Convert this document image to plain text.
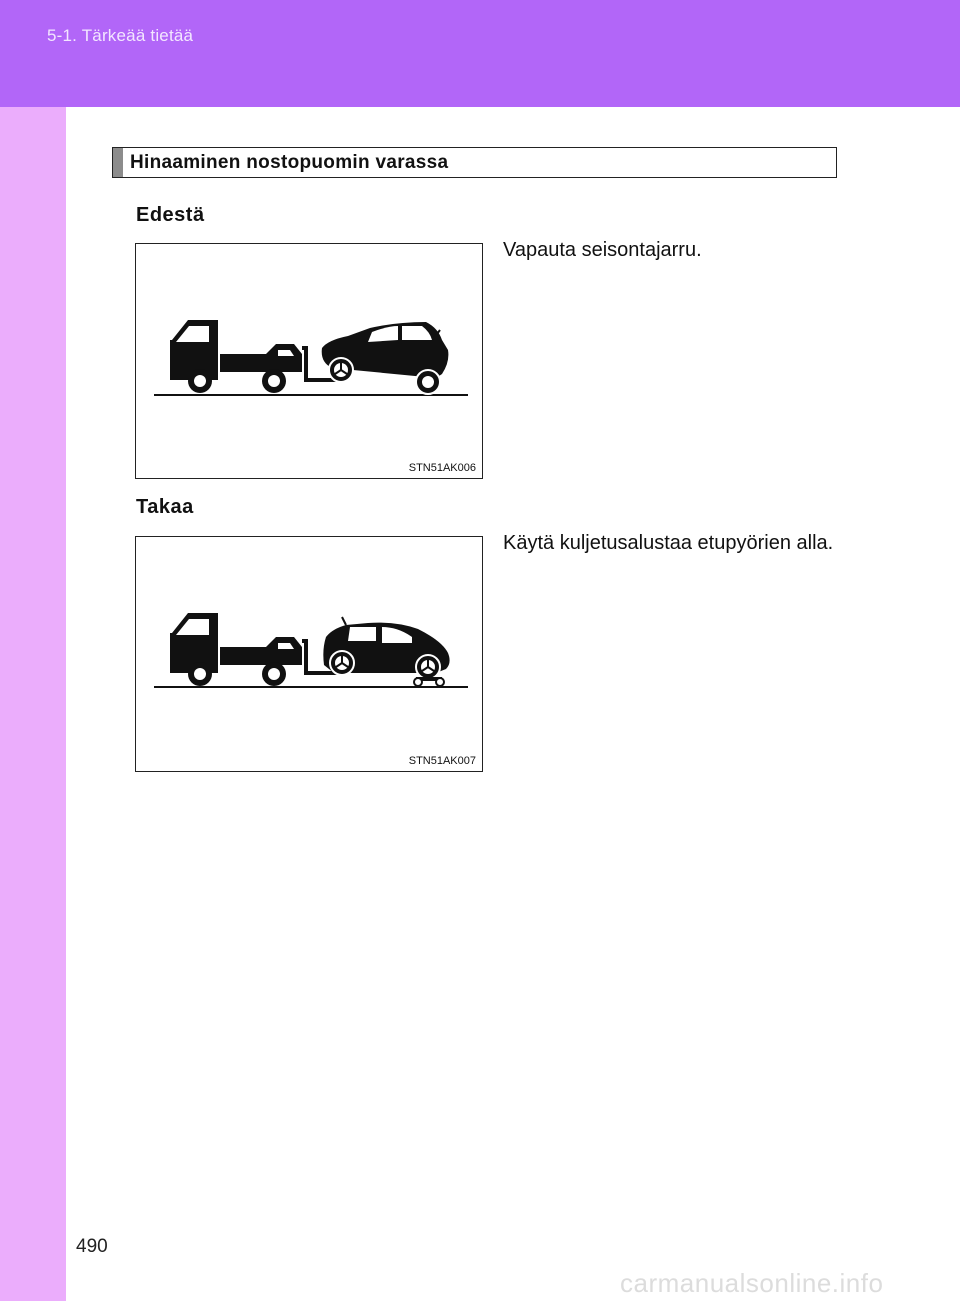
5-1. Tärkeää tietää
Hinaaminen nostopuomin varassa
Edestä
STN51AK006
Vapauta seisontajarru.
Takaa
STN51AK007
Käytä kuljetusalustaa etupyörien alla.
490
carmanualsonline.info
